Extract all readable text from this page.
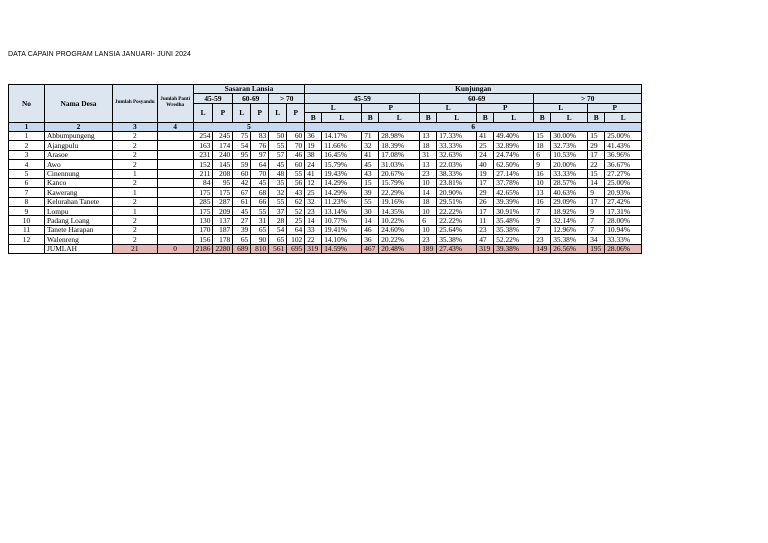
DATA CAPAIN PROGRAM LANSIA JANUARI- JUNI 2024
No	Nama Desa	Jumlah Posyandu	Jumlah Panti Wredha	Sasaran Lansia						Kunjungan											
				45-59		60-69		> 70		45-59				60-69				> 70			
				L	P	L	P	L	P	L		P		L		P		L		P	
										B	L	B	L	B	L	B	L	B	L	B	L
1	2	3	4	5						6											
1	Abbumpungeng	2		254	245	75	83	50	60	36	14.17%	71	28.98%	13	17.33%	41	49.40%	15	30.00%	15	25.00%
2	Ajangpulu	2		163	174	54	76	55	70	19	11.66%	32	18.39%	18	33.33%	25	32.89%	18	32.73%	29	41.43%
3	Arasoe	2		231	240	95	97	57	46	38	16.45%	41	17.08%	31	32.63%	24	24.74%	6	10.53%	17	36.96%
4	Awo	2		152	145	59	64	45	60	24	15.79%	45	31.03%	13	22.03%	40	62.50%	9	20.00%	22	36.67%
5	Cinennung	1		211	208	60	70	48	55	41	19.43%	43	20.67%	23	38.33%	19	27.14%	16	33.33%	15	27.27%
6	Kanco	2		84	95	42	45	35	56	12	14.29%	15	15.79%	10	23.81%	17	37.78%	10	28.57%	14	25.00%
7	Kawerang	1		175	175	67	68	32	43	25	14.29%	39	22.29%	14	20.90%	29	42.65%	13	40.63%	9	20.93%
8	Kelurahan Tanete	2		285	287	61	66	55	62	32	11.23%	55	19.16%	18	29.51%	26	39.39%	16	29.09%	17	27.42%
9	Lompu	1		175	209	45	55	37	52	23	13.14%	30	14.35%	10	22.22%	17	30.91%	7	18.92%	9	17.31%
10	Padang Loang	2		130	137	27	31	28	25	14	10.77%	14	10.22%	6	22.22%	11	35.48%	9	32.14%	7	28.00%
11	Tanete Harapan	2		170	187	39	65	54	64	33	19.41%	46	24.60%	10	25.64%	23	35.38%	7	12.96%	7	10.94%
12	Walenreng	2		156	178	65	90	65	102	22	14.10%	36	20.22%	23	35.38%	47	52.22%	23	35.38%	34	33.33%
	JUMLAH	21	0	2186	2280	689	810	561	695	319	14.59%	467	20.48%	189	27.43%	319	39.38%	149	26.56%	195	28.06%
